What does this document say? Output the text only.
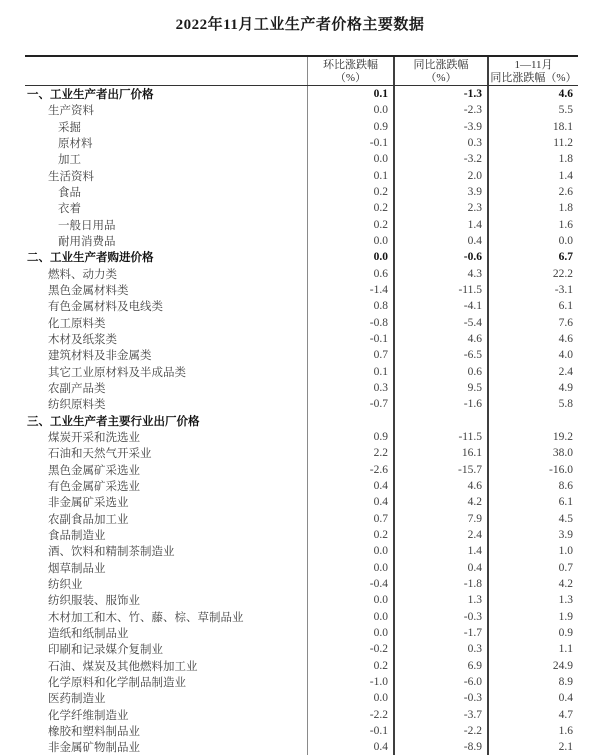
2022年11月工业生产者价格主要数据
环比涨跌幅
（%）
同比涨跌幅
（%）
1—11月
同比涨跌幅（%）
一、工业生产者出厂价格	0.1	-1.3	4.6
生产资料	0.0	-2.3	5.5
采掘	0.9	-3.9	18.1
原材料	-0.1	0.3	11.2
加工	0.0	-3.2	1.8
生活资料	0.1	2.0	1.4
食品	0.2	3.9	2.6
衣着	0.2	2.3	1.8
一般日用品	0.2	1.4	1.6
耐用消费品	0.0	0.4	0.0
二、工业生产者购进价格	0.0	-0.6	6.7
燃料、动力类	0.6	4.3	22.2
黑色金属材料类	-1.4	-11.5	-3.1
有色金属材料及电线类	0.8	-4.1	6.1
化工原料类	-0.8	-5.4	7.6
木材及纸浆类	-0.1	4.6	4.6
建筑材料及非金属类	0.7	-6.5	4.0
其它工业原材料及半成品类	0.1	0.6	2.4
农副产品类	0.3	9.5	4.9
纺织原料类	-0.7	-1.6	5.8
三、工业生产者主要行业出厂价格
煤炭开采和洗选业	0.9	-11.5	19.2
石油和天然气开采业	2.2	16.1	38.0
黑色金属矿采选业	-2.6	-15.7	-16.0
有色金属矿采选业	0.4	4.6	8.6
非金属矿采选业	0.4	4.2	6.1
农副食品加工业	0.7	7.9	4.5
食品制造业	0.2	2.4	3.9
酒、饮料和精制茶制造业	0.0	1.4	1.0
烟草制品业	0.0	0.4	0.7
纺织业	-0.4	-1.8	4.2
纺织服装、服饰业	0.0	1.3	1.3
木材加工和木、竹、藤、棕、草制品业	0.0	-0.3	1.9
造纸和纸制品业	0.0	-1.7	0.9
印刷和记录媒介复制业	-0.2	0.3	1.1
石油、煤炭及其他燃料加工业	0.2	6.9	24.9
化学原料和化学制品制造业	-1.0	-6.0	8.9
医药制造业	0.0	-0.3	0.4
化学纤维制造业	-2.2	-3.7	4.7
橡胶和塑料制品业	-0.1	-2.2	1.6
非金属矿物制品业	0.4	-8.9	2.1
